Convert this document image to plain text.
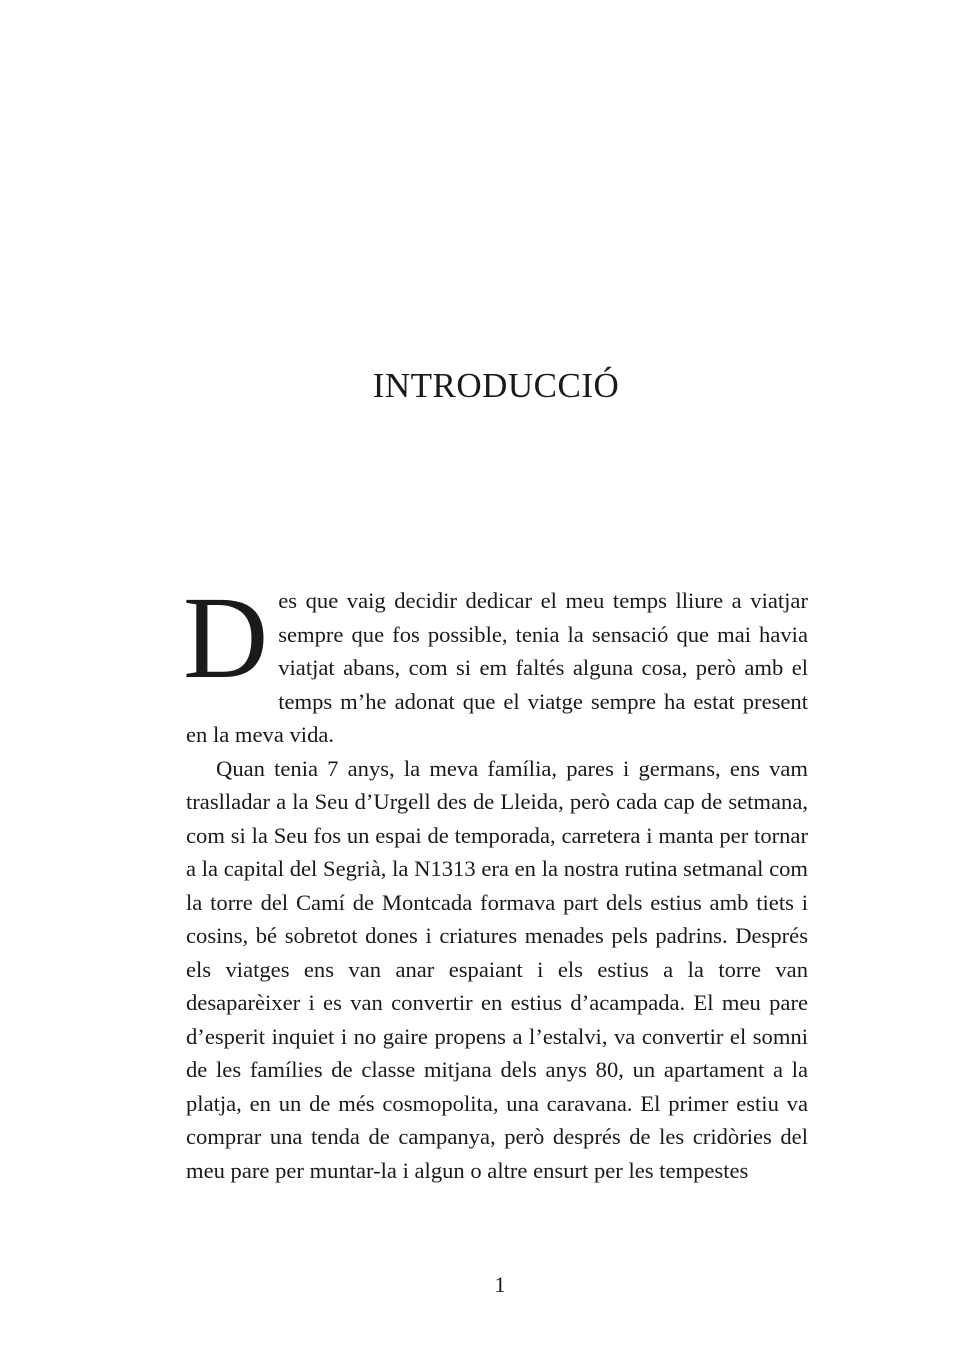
INTRODUCCIÓ

Des que vaig decidir dedicar el meu temps lliure a viatjar sempre que fos possible, tenia la sensació que mai havia viatjat abans, com si em faltés alguna cosa, però amb el temps m’he adonat que el viatge sempre ha estat present en la meva vida.

Quan tenia 7 anys, la meva família, pares i germans, ens vam traslladar a la Seu d’Urgell des de Lleida, però cada cap de setmana, com si la Seu fos un espai de temporada, carretera i manta per tornar a la capital del Segrià, la N1313 era en la nostra rutina setmanal com la torre del Camí de Montcada formava part dels estius amb tiets i cosins, bé sobretot dones i criatures menades pels padrins. Després els viatges ens van anar espaiant i els estius a la torre van desaparèixer i es van convertir en estius d’acampada. El meu pare d’esperit inquiet i no gaire propens a l’estalvi, va convertir el somni de les famílies de classe mitjana dels anys 80, un apartament a la platja, en un de més cosmopolita, una caravana. El primer estiu va comprar una tenda de campanya, però després de les cridòries del meu pare per muntar-la i algun o altre ensurt per les tempestes

1
